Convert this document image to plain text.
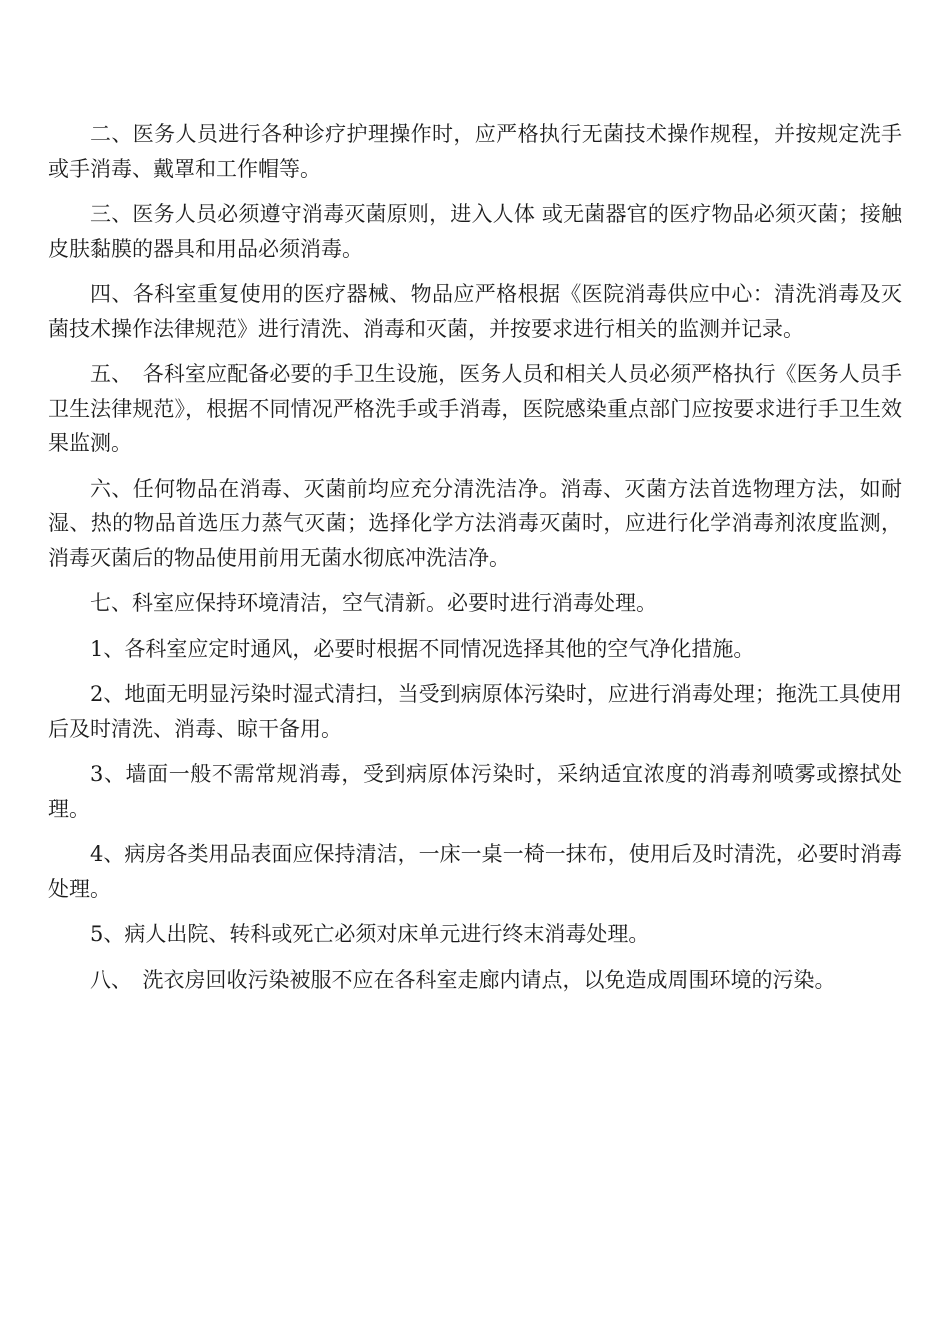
二、医务人员进行各种诊疗护理操作时，应严格执行无菌技术操作规程，并按规定洗手或手消毒、戴罩和工作帽等。

三、医务人员必须遵守消毒灭菌原则，进入人体 或无菌器官的医疗物品必须灭菌；接触皮肤黏膜的器具和用品必须消毒。

四、各科室重复使用的医疗器械、物品应严格根据《医院消毒供应中心：清洗消毒及灭菌技术操作法律规范》进行清洗、消毒和灭菌，并按要求进行相关的监测并记录。

五、　各科室应配备必要的手卫生设施，医务人员和相关人员必须严格执行《医务人员手卫生法律规范》，根据不同情况严格洗手或手消毒，医院感染重点部门应按要求进行手卫生效果监测。

六、任何物品在消毒、灭菌前均应充分清洗洁净。消毒、灭菌方法首选物理方法，如耐湿、热的物品首选压力蒸气灭菌；选择化学方法消毒灭菌时，应进行化学消毒剂浓度监测，消毒灭菌后的物品使用前用无菌水彻底冲洗洁净。

七、科室应保持环境清洁，空气清新。必要时进行消毒处理。

1、各科室应定时通风，必要时根据不同情况选择其他的空气净化措施。

2、地面无明显污染时湿式清扫，当受到病原体污染时，应进行消毒处理；拖洗工具使用后及时清洗、消毒、晾干备用。

3、墙面一般不需常规消毒，受到病原体污染时，采纳适宜浓度的消毒剂喷雾或擦拭处理。

4、病房各类用品表面应保持清洁，一床一桌一椅一抹布，使用后及时清洗，必要时消毒处理。

5、病人出院、转科或死亡必须对床单元进行终末消毒处理。

八、　洗衣房回收污染被服不应在各科室走廊内请点，以免造成周围环境的污染。
